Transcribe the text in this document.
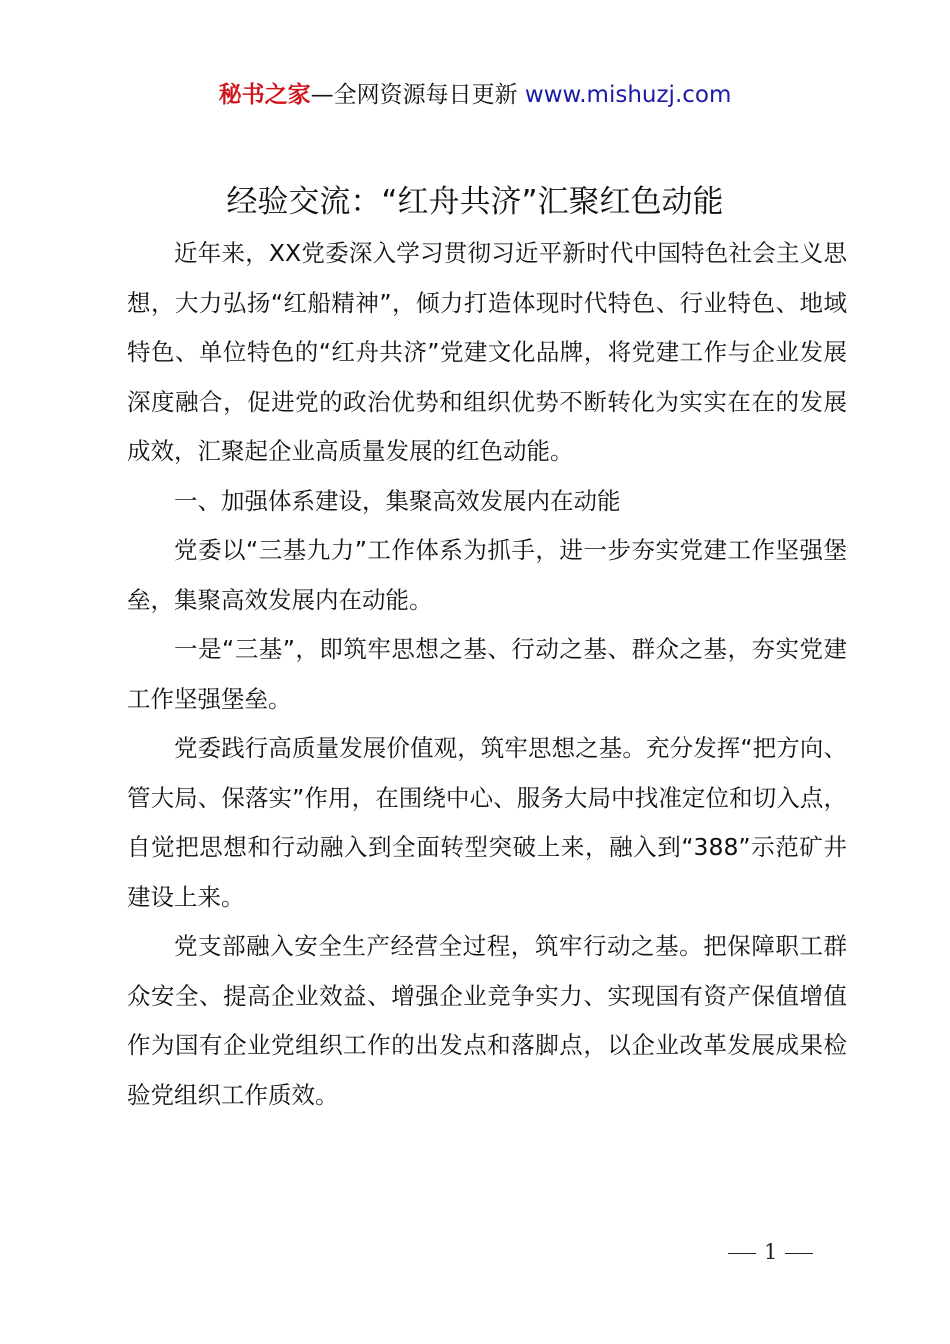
秘书之家—全网资源每日更新 www.mishuzj.com
经验交流：“红舟共济”汇聚红色动能

近年来，XX党委深入学习贯彻习近平新时代中国特色社会主义思想，大力弘扬“红船精神”，倾力打造体现时代特色、行业特色、地域特色、单位特色的“红舟共济”党建文化品牌，将党建工作与企业发展深度融合，促进党的政治优势和组织优势不断转化为实实在在的发展成效，汇聚起企业高质量发展的红色动能。

一、加强体系建设，集聚高效发展内在动能

党委以“三基九力”工作体系为抓手，进一步夯实党建工作坚强堡垒，集聚高效发展内在动能。

一是“三基”，即筑牢思想之基、行动之基、群众之基，夯实党建工作坚强堡垒。

党委践行高质量发展价值观，筑牢思想之基。充分发挥“把方向、管大局、保落实”作用，在围绕中心、服务大局中找准定位和切入点，自觉把思想和行动融入到全面转型突破上来，融入到“388”示范矿井建设上来。

党支部融入安全生产经营全过程，筑牢行动之基。把保障职工群众安全、提高企业效益、增强企业竞争实力、实现国有资产保值增值作为国有企业党组织工作的出发点和落脚点，以企业改革发展成果检验党组织工作质效。

1
